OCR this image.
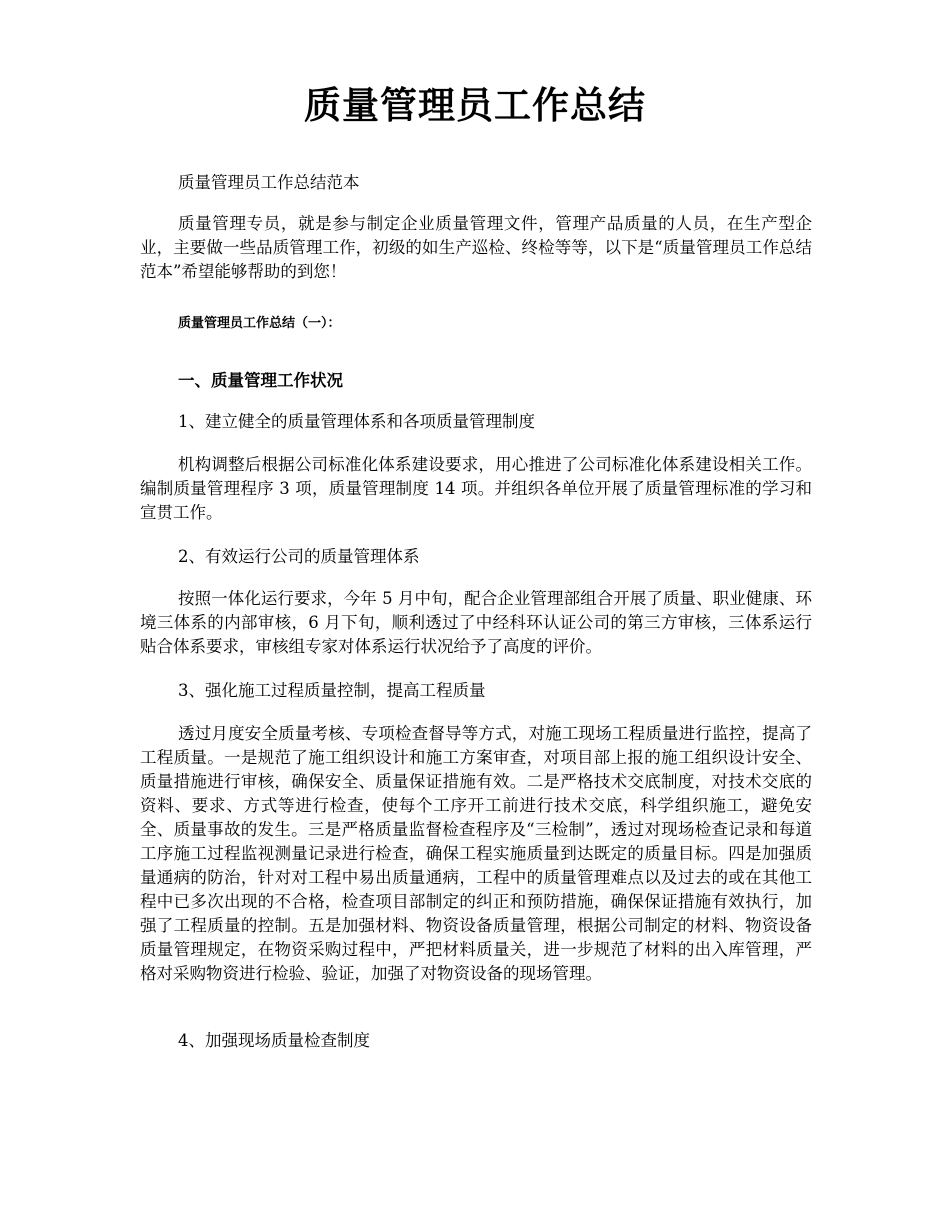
质量管理员工作总结

质量管理员工作总结范本

质量管理专员，就是参与制定企业质量管理文件，管理产品质量的人员，在生产型企业，主要做一些品质管理工作，初级的如生产巡检、终检等等，以下是“质量管理员工作总结范本”希望能够帮助的到您！

质量管理员工作总结（一）：

一、质量管理工作状况

1、建立健全的质量管理体系和各项质量管理制度

机构调整后根据公司标准化体系建设要求，用心推进了公司标准化体系建设相关工作。编制质量管理程序 3 项，质量管理制度 14 项。并组织各单位开展了质量管理标准的学习和宣贯工作。

2、有效运行公司的质量管理体系

按照一体化运行要求，今年 5 月中旬，配合企业管理部组合开展了质量、职业健康、环境三体系的内部审核，6 月下旬，顺利透过了中经科环认证公司的第三方审核，三体系运行贴合体系要求，审核组专家对体系运行状况给予了高度的评价。

3、强化施工过程质量控制，提高工程质量

透过月度安全质量考核、专项检查督导等方式，对施工现场工程质量进行监控，提高了工程质量。一是规范了施工组织设计和施工方案审查，对项目部上报的施工组织设计安全、质量措施进行审核，确保安全、质量保证措施有效。二是严格技术交底制度，对技术交底的资料、要求、方式等进行检查，使每个工序开工前进行技术交底，科学组织施工，避免安全、质量事故的发生。三是严格质量监督检查程序及“三检制”，透过对现场检查记录和每道工序施工过程监视测量记录进行检查，确保工程实施质量到达既定的质量目标。四是加强质量通病的防治，针对对工程中易出质量通病，工程中的质量管理难点以及过去的或在其他工程中已多次出现的不合格，检查项目部制定的纠正和预防措施，确保保证措施有效执行，加强了工程质量的控制。五是加强材料、物资设备质量管理，根据公司制定的材料、物资设备质量管理规定，在物资采购过程中，严把材料质量关，进一步规范了材料的出入库管理，严格对采购物资进行检验、验证，加强了对物资设备的现场管理。

4、加强现场质量检查制度
